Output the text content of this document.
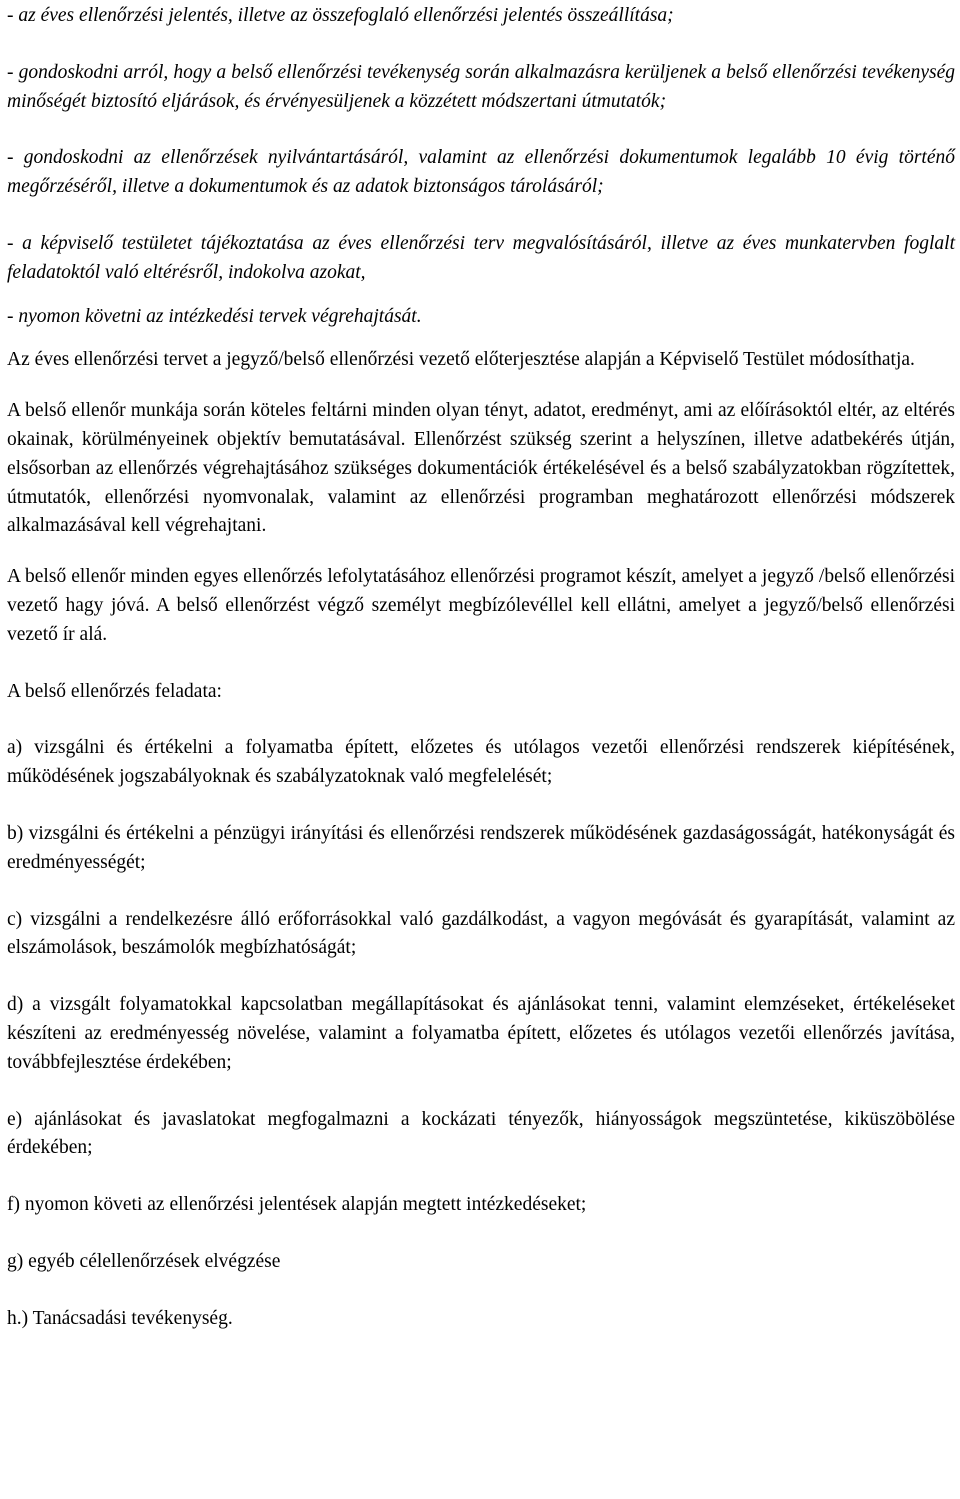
- az éves ellenőrzési jelentés, illetve az összefoglaló ellenőrzési jelentés összeállítása;

- gondoskodni arról, hogy a belső ellenőrzési tevékenység során alkalmazásra kerüljenek a belső ellenőrzési tevékenység minőségét biztosító eljárások, és érvényesüljenek a közzétett módszertani útmutatók;

- gondoskodni az ellenőrzések nyilvántartásáról, valamint az ellenőrzési dokumentumok legalább 10 évig történő megőrzéséről, illetve a dokumentumok és az adatok biztonságos tárolásáról;

- a képviselő testületet tájékoztatása az éves ellenőrzési terv megvalósításáról, illetve az éves munkatervben foglalt feladatoktól való eltérésről, indokolva azokat,

- nyomon követni az intézkedési tervek végrehajtását.

Az éves ellenőrzési tervet a jegyző/belső ellenőrzési vezető előterjesztése alapján a Képviselő Testület módosíthatja.

A belső ellenőr munkája során köteles feltárni minden olyan tényt, adatot, eredményt, ami az előírásoktól eltér, az eltérés okainak, körülményeinek objektív bemutatásával. Ellenőrzést szükség szerint a helyszínen, illetve adatbekérés útján, elsősorban az ellenőrzés végrehajtásához szükséges dokumentációk értékelésével és a belső szabályzatokban rögzítettek, útmutatók, ellenőrzési nyomvonalak, valamint az ellenőrzési programban meghatározott ellenőrzési módszerek alkalmazásával kell végrehajtani.

A belső ellenőr minden egyes ellenőrzés lefolytatásához ellenőrzési programot készít, amelyet a jegyző /belső ellenőrzési vezető hagy jóvá. A belső ellenőrzést végző személyt megbízólevéllel kell ellátni, amelyet a jegyző/belső ellenőrzési vezető ír alá.

A belső ellenőrzés feladata:

a) vizsgálni és értékelni a folyamatba épített, előzetes és utólagos vezetői ellenőrzési rendszerek kiépítésének, működésének jogszabályoknak és szabályzatoknak való megfelelését;

b) vizsgálni és értékelni a pénzügyi irányítási és ellenőrzési rendszerek működésének gazdaságosságát, hatékonyságát és eredményességét;

c) vizsgálni a rendelkezésre álló erőforrásokkal való gazdálkodást, a vagyon megóvását és gyarapítását, valamint az elszámolások, beszámolók megbízhatóságát;

d) a vizsgált folyamatokkal kapcsolatban megállapításokat és ajánlásokat tenni, valamint elemzéseket, értékeléseket készíteni az eredményesség növelése, valamint a folyamatba épített, előzetes és utólagos vezetői ellenőrzés javítása, továbbfejlesztése érdekében;

e) ajánlásokat és javaslatokat megfogalmazni a kockázati tényezők, hiányosságok megszüntetése, kiküszöbölése érdekében;

f) nyomon követi az ellenőrzési jelentések alapján megtett intézkedéseket;

g) egyéb célellenőrzések elvégzése

h.) Tanácsadási tevékenység.
